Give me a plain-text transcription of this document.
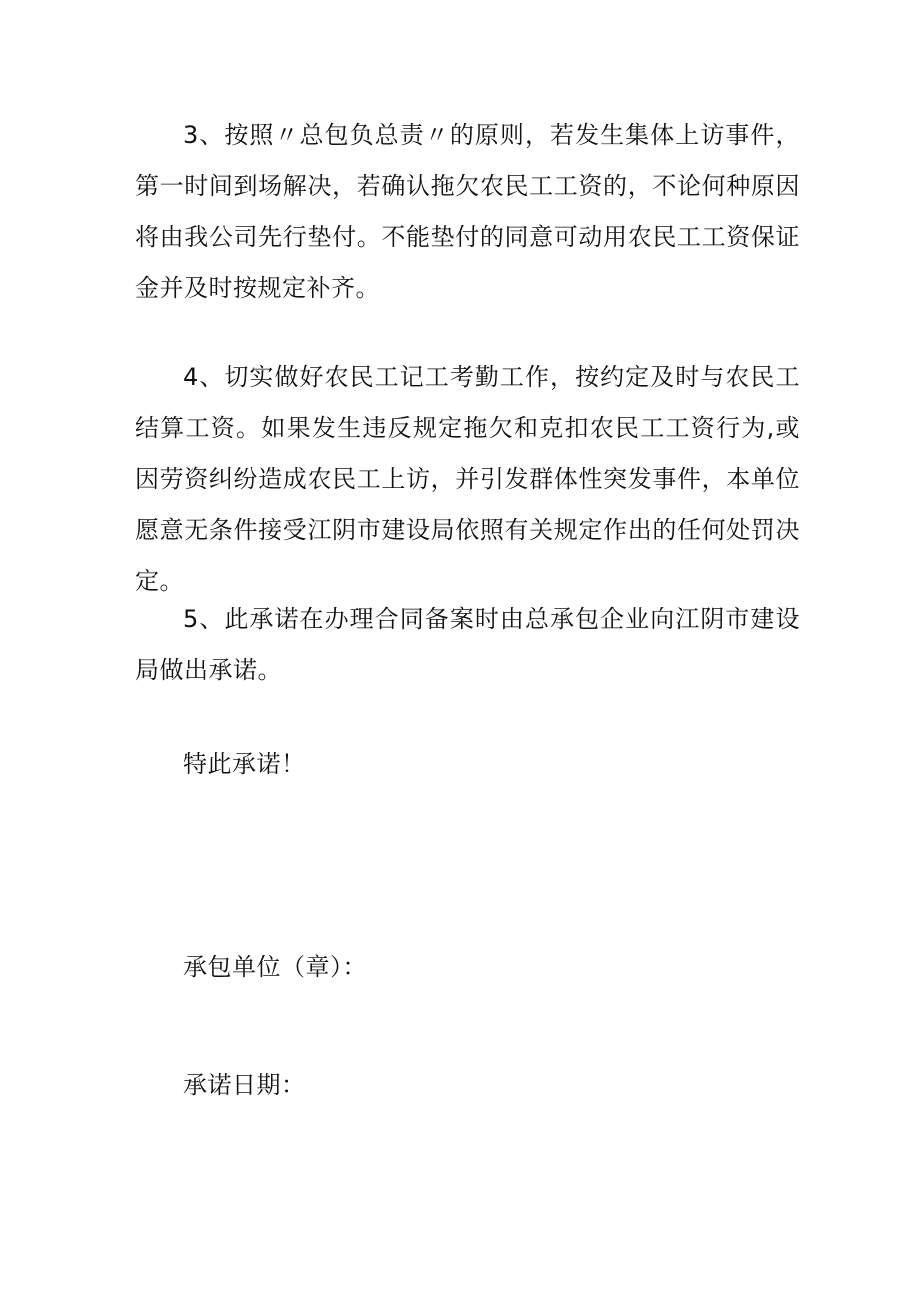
3、按照〃总包负总责〃的原则，若发生集体上访事件，第一时间到场解决，若确认拖欠农民工工资的，不论何种原因将由我公司先行垫付。不能垫付的同意可动用农民工工资保证金并及时按规定补齐。

4、切实做好农民工记工考勤工作，按约定及时与农民工结算工资。如果发生违反规定拖欠和克扣农民工工资行为,或因劳资纠纷造成农民工上访，并引发群体性突发事件，本单位愿意无条件接受江阴市建设局依照有关规定作出的任何处罚决定。

5、此承诺在办理合同备案时由总承包企业向江阴市建设局做出承诺。

特此承诺！

承包单位（章）：

承诺日期：
